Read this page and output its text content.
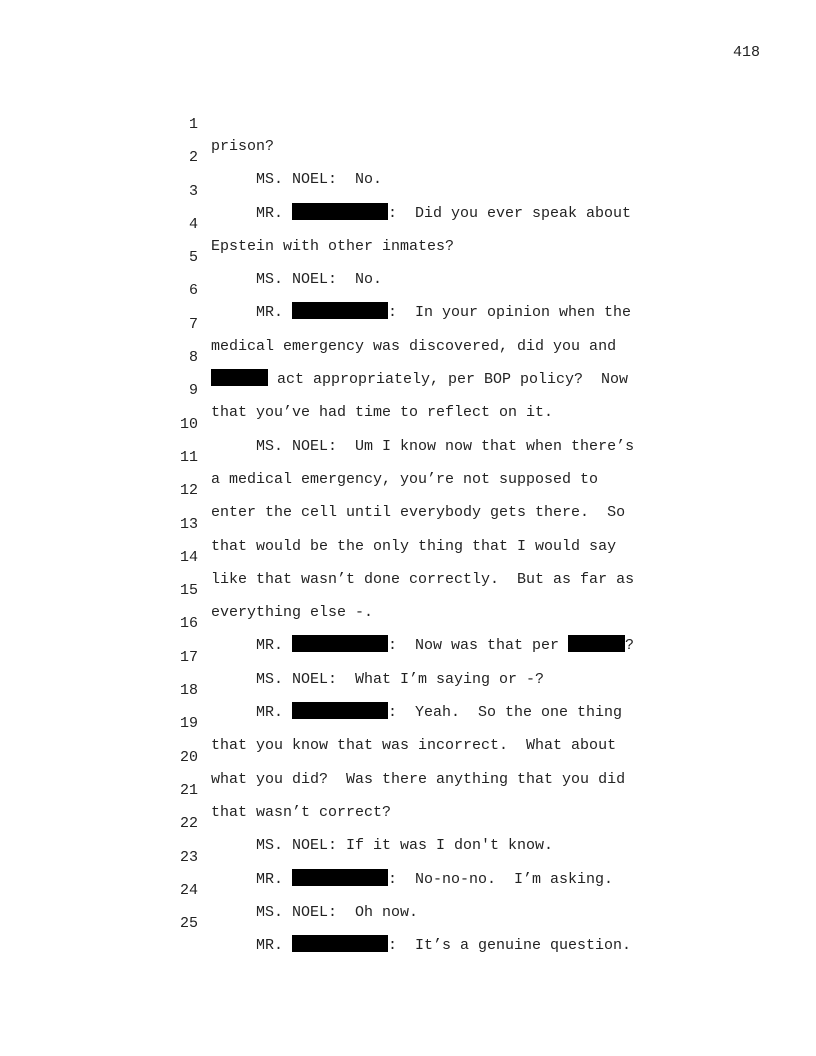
418

1

prison?

2

MS. NOEL:  No.

3

MR.	:  Did you ever speak about

4

Epstein with other inmates?

5

MS. NOEL:  No.

6

MR.	:  In your opinion when the

7

medical emergency was discovered, did you and

8

act appropriately, per BOP policy?  Now

9

that you’ve had time to reflect on it.

10

MS. NOEL:  Um I know now that when there’s

11

a medical emergency, you’re not supposed to

12

enter the cell until everybody gets there.  So

13

that would be the only thing that I would say

14

like that wasn’t done correctly.  But as far as

15

everything else -.

16

MR.	:  Now was that per	?

17

MS. NOEL:  What I’m saying or -?

18

MR.	:  Yeah.  So the one thing

19

that you know that was incorrect.  What about

20

what you did?  Was there anything that you did

21

that wasn’t correct?

22

MS. NOEL: If it was I don't know.

23

MR.	:  No-no-no.  I’m asking.

24

MS. NOEL:  Oh now.

25

MR.	:  It’s a genuine question.
